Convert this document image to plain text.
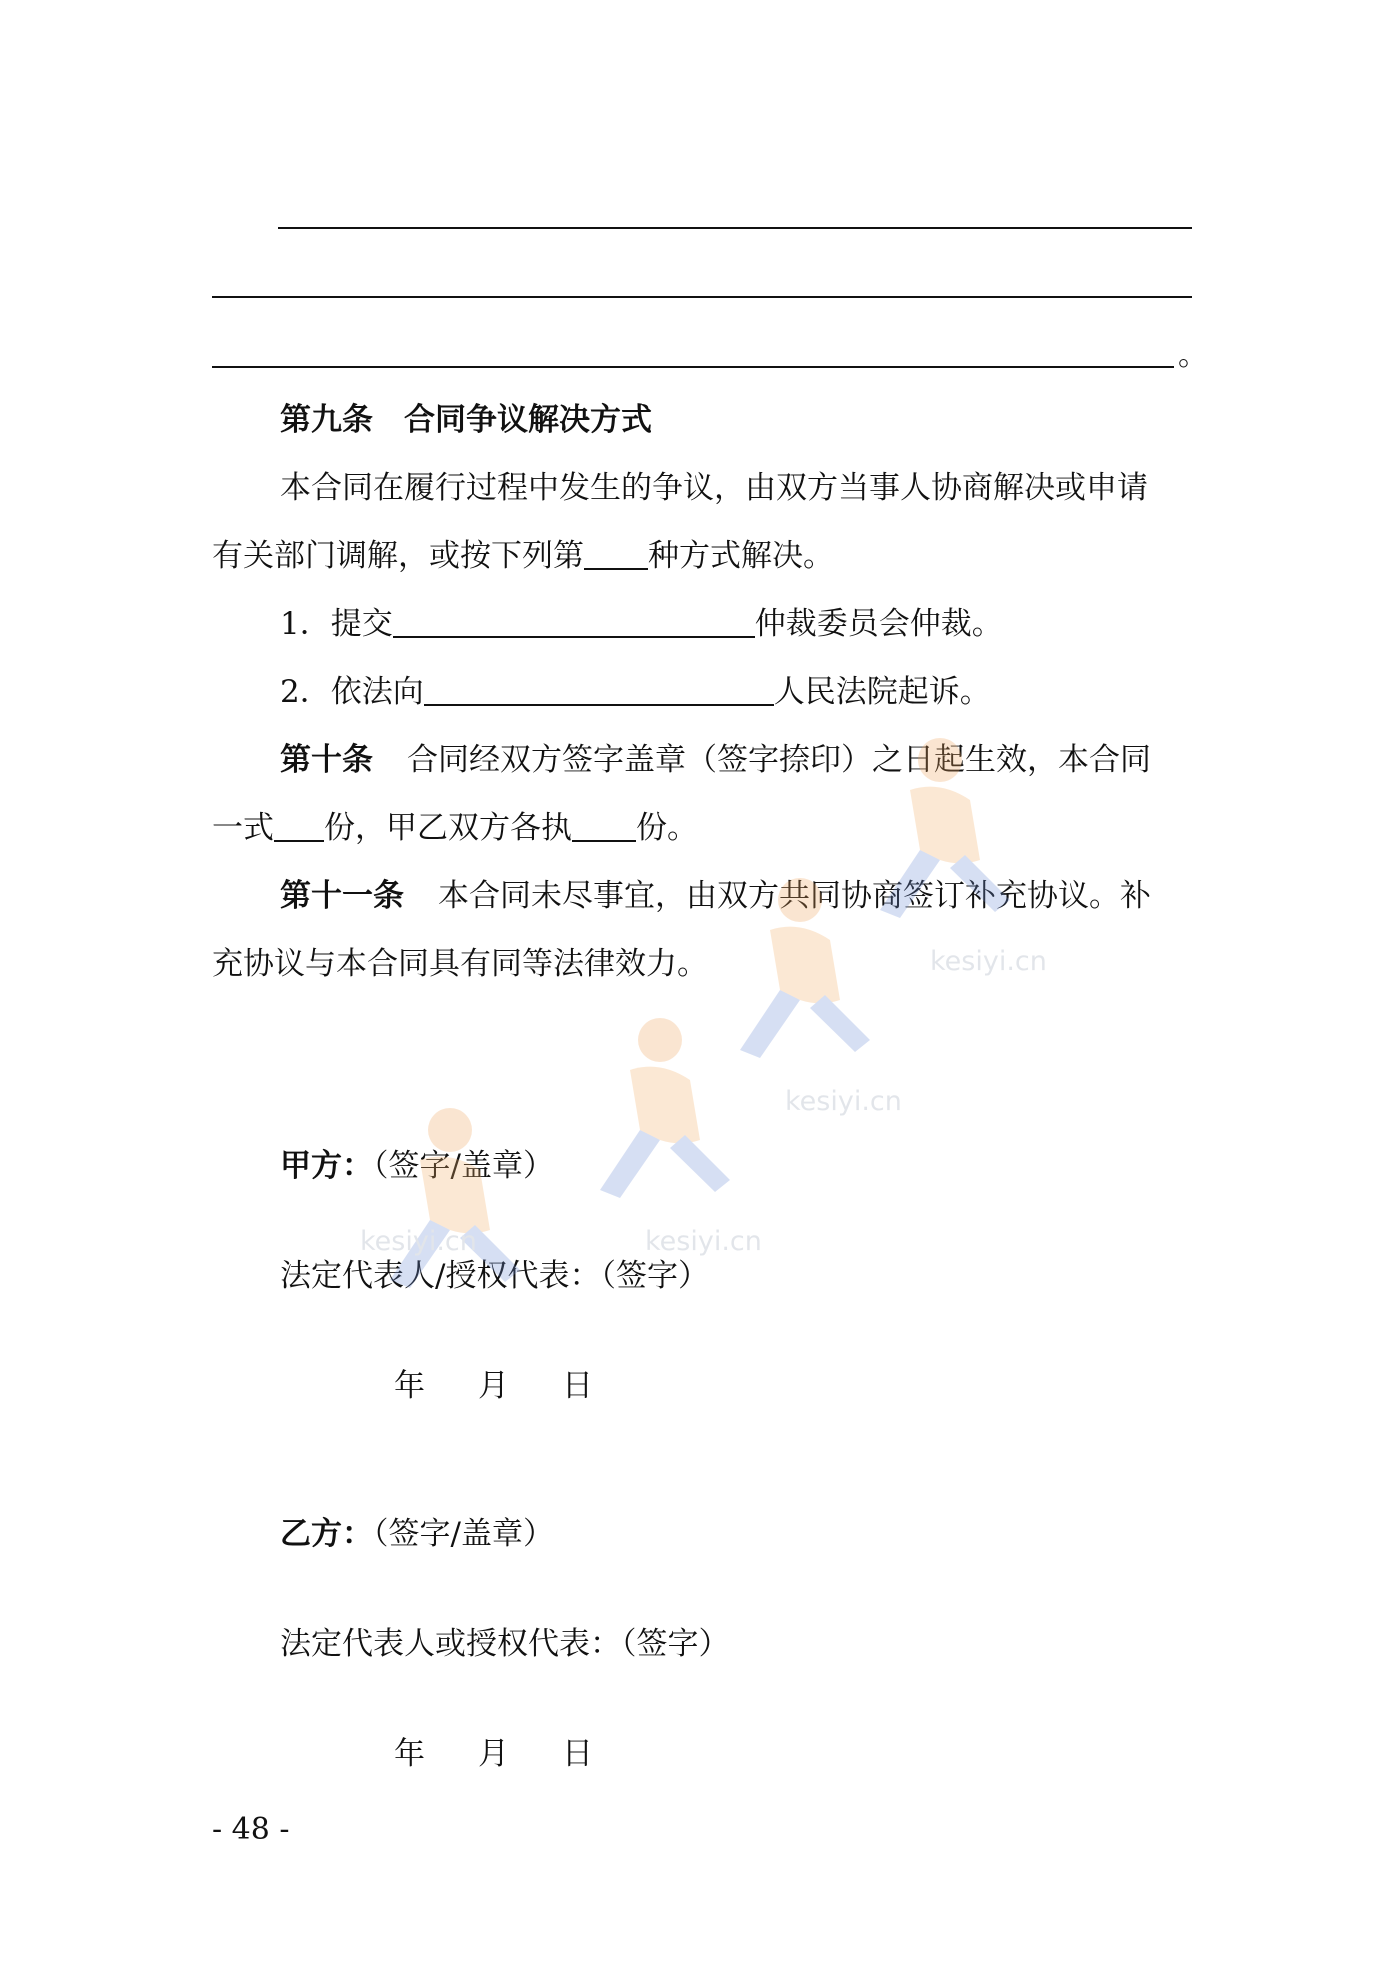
。
第九条　合同争议解决方式
本合同在履行过程中发生的争议，由双方当事人协商解决或申请
有关部门调解，或按下列第 种方式解决。
1．提交	仲裁委员会仲裁。
2．依法向	人民法院起诉。
第十条 合同经双方签字盖章（签字捺印）之日起生效，本合同
一式 份，甲乙双方各执 份。
第十一条 本合同未尽事宜，由双方共同协商签订补充协议。补
充协议与本合同具有同等法律效力。
甲方：（签字/盖章）
法定代表人/授权代表：（签字）
年 月 日
乙方：（签字/盖章）
法定代表人或授权代表：（签字）
年 月 日
- 48 -
kesiyi.cn
kesiyi.cn
kesiyi.cn
kesiyi.cn
